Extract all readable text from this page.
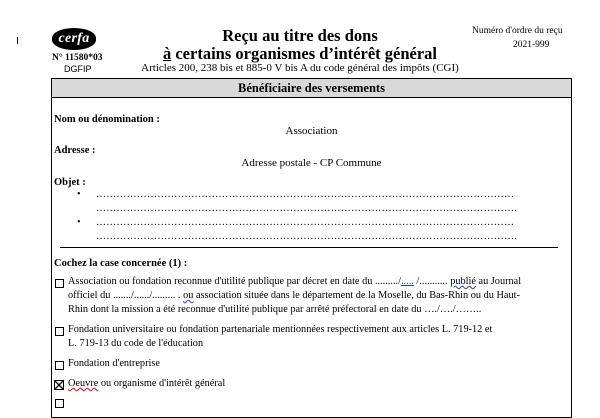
cerfa
N° 11580*03
DGFIP
Reçu au titre des dons
à certains organismes d’intérêt général
Articles 200, 238 bis et 885-0 V bis A du code général des impôts (CGI)
Numéro d'ordre du reçu
2021-999
Bénéficiaire des versements
Nom ou dénomination :
Association
Adresse :
Adresse postale - CP Commune
Objet :
• ……………………………………………………………………………………………………………
…………………………………………………………………………………………………………….
• ……………………………………………………………………………………………………………
…………………………………………………………………………………………………………….
Cochez la case concernée (1) :
Association ou fondation reconnue d'utilité publique par décret en date du ........./..... /........... publié au Journal
officiel du ......./....../......... . ou association située dans le département de la Moselle, du Bas-Rhin ou du Haut-
Rhin dont la mission a été reconnue d'utilité publique par arrêté préfectoral en date du …./…./……..
Fondation universitaire ou fondation partenariale mentionnées respectivement aux articles L. 719-12 et
L. 719-13 du code de l'éducation
Fondation d'entreprise
Oeuvre ou organisme d'intérêt général
